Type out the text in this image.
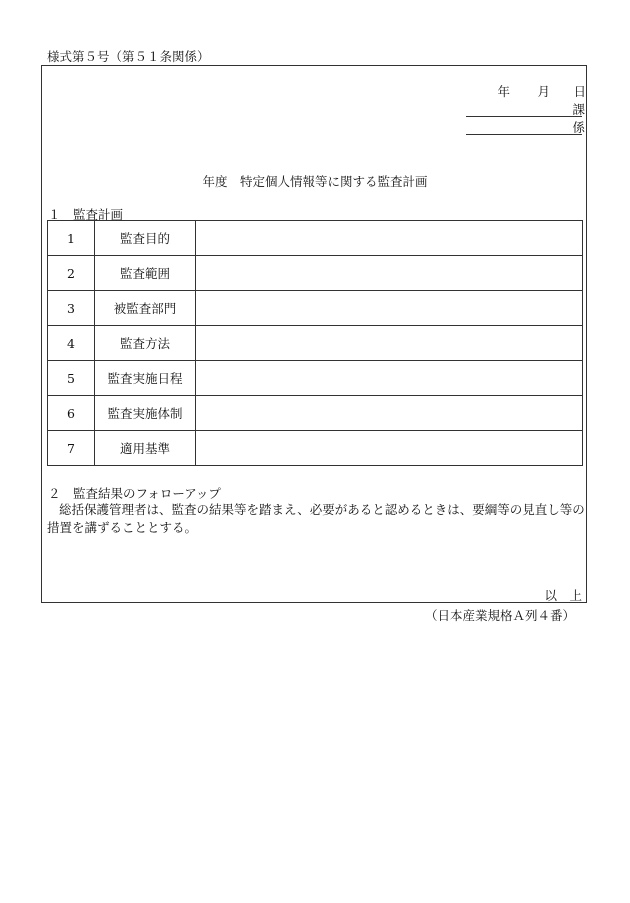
様式第５号（第５１条関係）
年	月	日
課
係
年度　特定個人情報等に関する監査計画
１　監査計画
1	監査目的	
2	監査範囲	
3	被監査部門	
4	監査方法	
5	監査実施日程	
6	監査実施体制	
7	適用基準	
２　監査結果のフォローアップ
総括保護管理者は、監査の結果等を踏まえ、必要があると認めるときは、要綱等の見直し等の措置を講ずることとする。
以　上
（日本産業規格Ａ列４番）
